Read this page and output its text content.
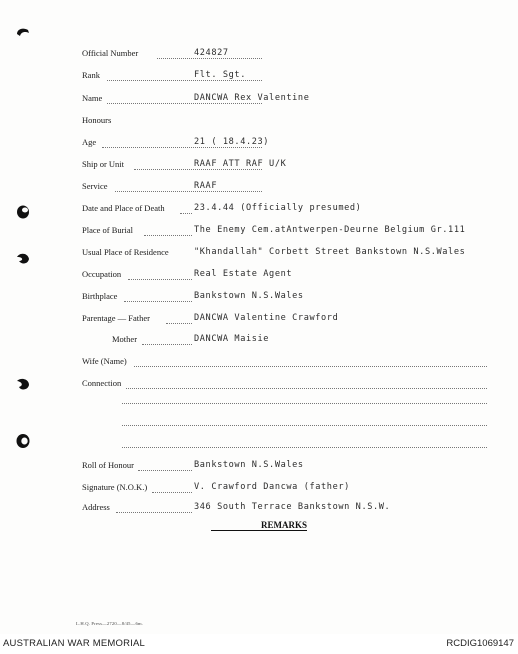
Official Number	424827
Rank	Flt. Sgt.
Name	DANCWA Rex Valentine
Honours
Age	21 ( 18.4.23)
Ship or Unit	RAAF ATT RAF U/K
Service	RAAF
Date and Place of Death	23.4.44 (Officially presumed)
Place of Burial	The Enemy Cem.atAntwerpen-Deurne Belgium Gr.111
Usual Place of Residence	"Khandallah" Corbett Street Bankstown N.S.Wales
Occupation	Real Estate Agent
Birthplace	Bankstown N.S.Wales
Parentage — Father	DANCWA Valentine Crawford
Mother	DANCWA Maisie
Wife (Name)
Connection
Roll of Honour	Bankstown N.S.Wales
Signature (N.O.K.)	V. Crawford Dancwa (father)
Address	346 South Terrace Bankstown N.S.W.
REMARKS
L.H.Q. Press—2720—8/45—6m.
AUSTRALIAN WAR MEMORIAL	RCDIG1069147
